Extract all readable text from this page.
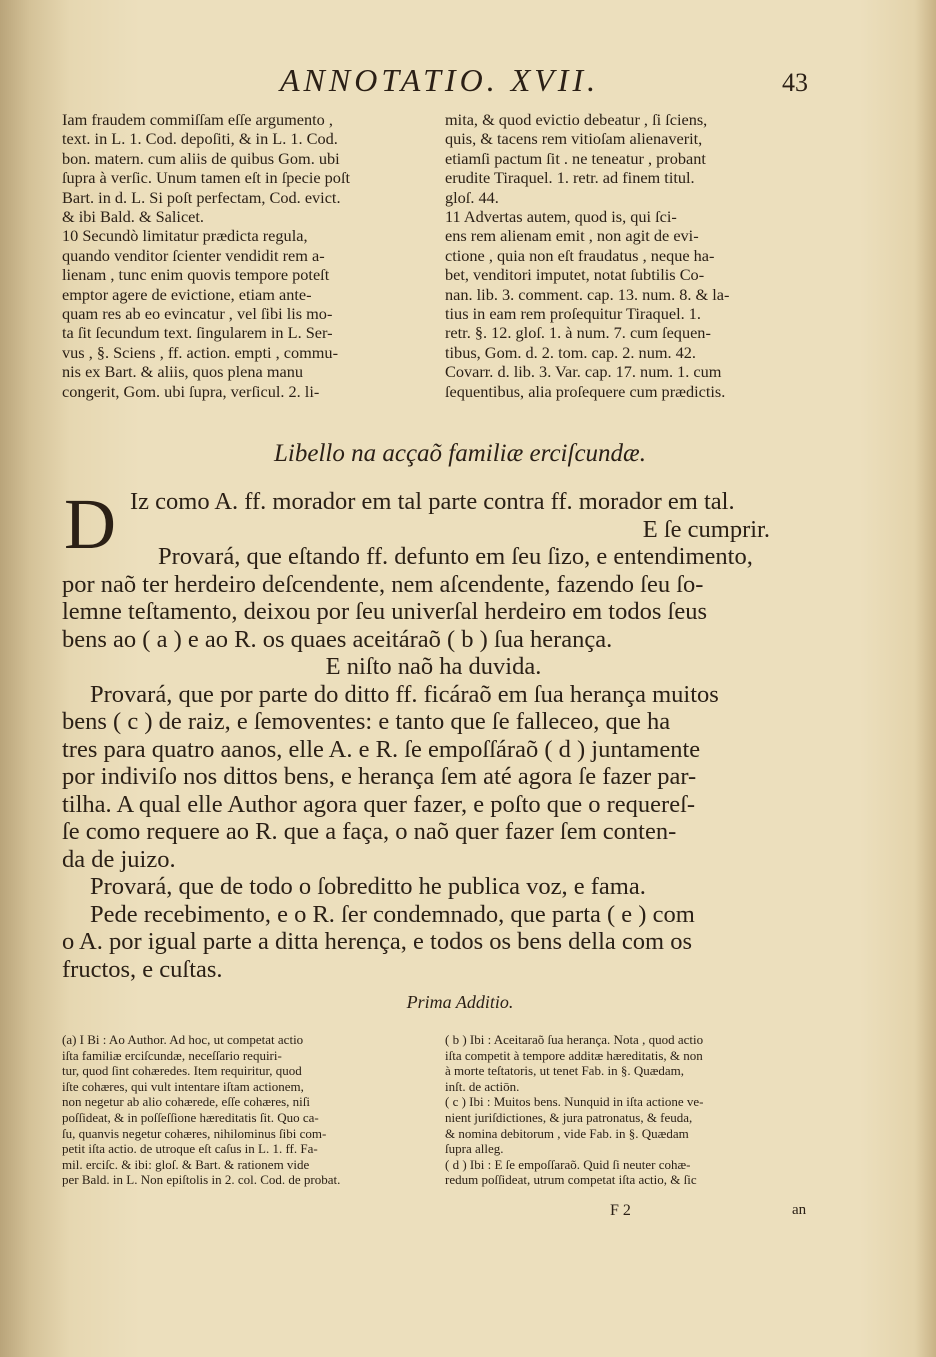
ANNOTATIO. XVII.	43

Iam fraudem commiſſam eſſe argumento ,

text. in L. 1. Cod. depoſiti, & in L. 1. Cod.

bon. matern. cum aliis de quibus Gom. ubi

ſupra à verſic. Unum tamen eſt in ſpecie poſt

Bart. in d. L. Si poſt perfectam, Cod. evict.

& ibi Bald. & Salicet.

10 Secundò limitatur prædicta regula,

quando venditor ſcienter vendidit rem a-

lienam , tunc enim quovis tempore poteſt

emptor agere de evictione, etiam ante-

quam res ab eo evincatur , vel ſibi lis mo-

ta ſit ſecundum text. ſingularem in L. Ser-

vus , §. Sciens , ff. action. empti , commu-

nis ex Bart. & aliis, quos plena manu

congerit, Gom. ubi ſupra, verſicul. 2. li-

mita, & quod evictio debeatur , ſi ſciens,

quis, & tacens rem vitioſam alienaverit,

etiamſi pactum ſit . ne teneatur , probant

erudite Tiraquel. 1. retr. ad finem titul.

gloſ. 44.

11 Advertas autem, quod is, qui ſci-

ens rem alienam emit , non agit de evi-

ctione , quia non eſt fraudatus , neque ha-

bet, venditori imputet, notat ſubtilis Co-

nan. lib. 3. comment. cap. 13. num. 8. & la-

tius in eam rem proſequitur Tiraquel. 1.

retr. §. 12. gloſ. 1. à num. 7. cum ſequen-

tibus, Gom. d. 2. tom. cap. 2. num. 42.

Covarr. d. lib. 3. Var. cap. 17. num. 1. cum

ſequentibus, alia proſequere cum prædictis.

Libello na acçaõ familiæ erciſcundæ.
D Iz como A. ff. morador em tal parte contra ff. morador em tal.

E ſe cumprir.

Provará, que eſtando ff. defunto em ſeu ſizo, e entendimento,

por naõ ter herdeiro deſcendente, nem aſcendente, fazendo ſeu ſo-

lemne teſtamento, deixou por ſeu univerſal herdeiro em todos ſeus

bens ao ( a ) e ao R. os quaes aceitáraõ ( b ) ſua herança.

E niſto naõ ha duvida.

Provará, que por parte do ditto ff. ficáraõ em ſua herança muitos

bens ( c ) de raiz, e ſemoventes: e tanto que ſe falleceo, que ha

tres para quatro aanos, elle A. e R. ſe empoſſáraõ ( d ) juntamente

por indiviſo nos dittos bens, e herança ſem até agora ſe fazer par-

tilha. A qual elle Author agora quer fazer, e poſto que o requereſ-

ſe como requere ao R. que a faça, o naõ quer fazer ſem conten-

da de juizo.

Provará, que de todo o ſobreditto he publica voz, e fama.

Pede recebimento, e o R. ſer condemnado, que parta ( e ) com

o A. por igual parte a ditta herença, e todos os bens della com os

fructos, e cuſtas.

Prima Additio.

(a) I Bi : Ao Author. Ad hoc, ut competat actio

iſta familiæ erciſcundæ, neceſſario requiri-

tur, quod ſint cohæredes. Item requiritur, quod

iſte cohæres, qui vult intentare iſtam actionem,

non negetur ab alio cohærede, eſſe cohæres, niſi

poſſideat, & in poſſeſſione hæreditatis ſit. Quo ca-

ſu, quanvis negetur cohæres, nihilominus ſibi com-

petit iſta actio. de utroque eſt caſus in L. 1. ff. Fa-

mil. erciſc. & ibi: gloſ. & Bart. & rationem vide

per Bald. in L. Non epiſtolis in 2. col. Cod. de probat.

( b ) Ibi : Aceitaraõ ſua herança. Nota , quod actio

iſta competit à tempore additæ hæreditatis, & non

à morte teſtatoris, ut tenet Fab. in §. Quædam,

inſt. de actiōn.

( c ) Ibi : Muitos bens. Nunquid in iſta actione ve-

nient juriſdictiones, & jura patronatus, & feuda,

& nomina debitorum , vide Fab. in §. Quædam

ſupra alleg.

( d ) Ibi : E ſe empoſſaraõ. Quid ſi neuter cohæ-

redum poſſideat, utrum competat iſta actio, & ſic

F 2	an
